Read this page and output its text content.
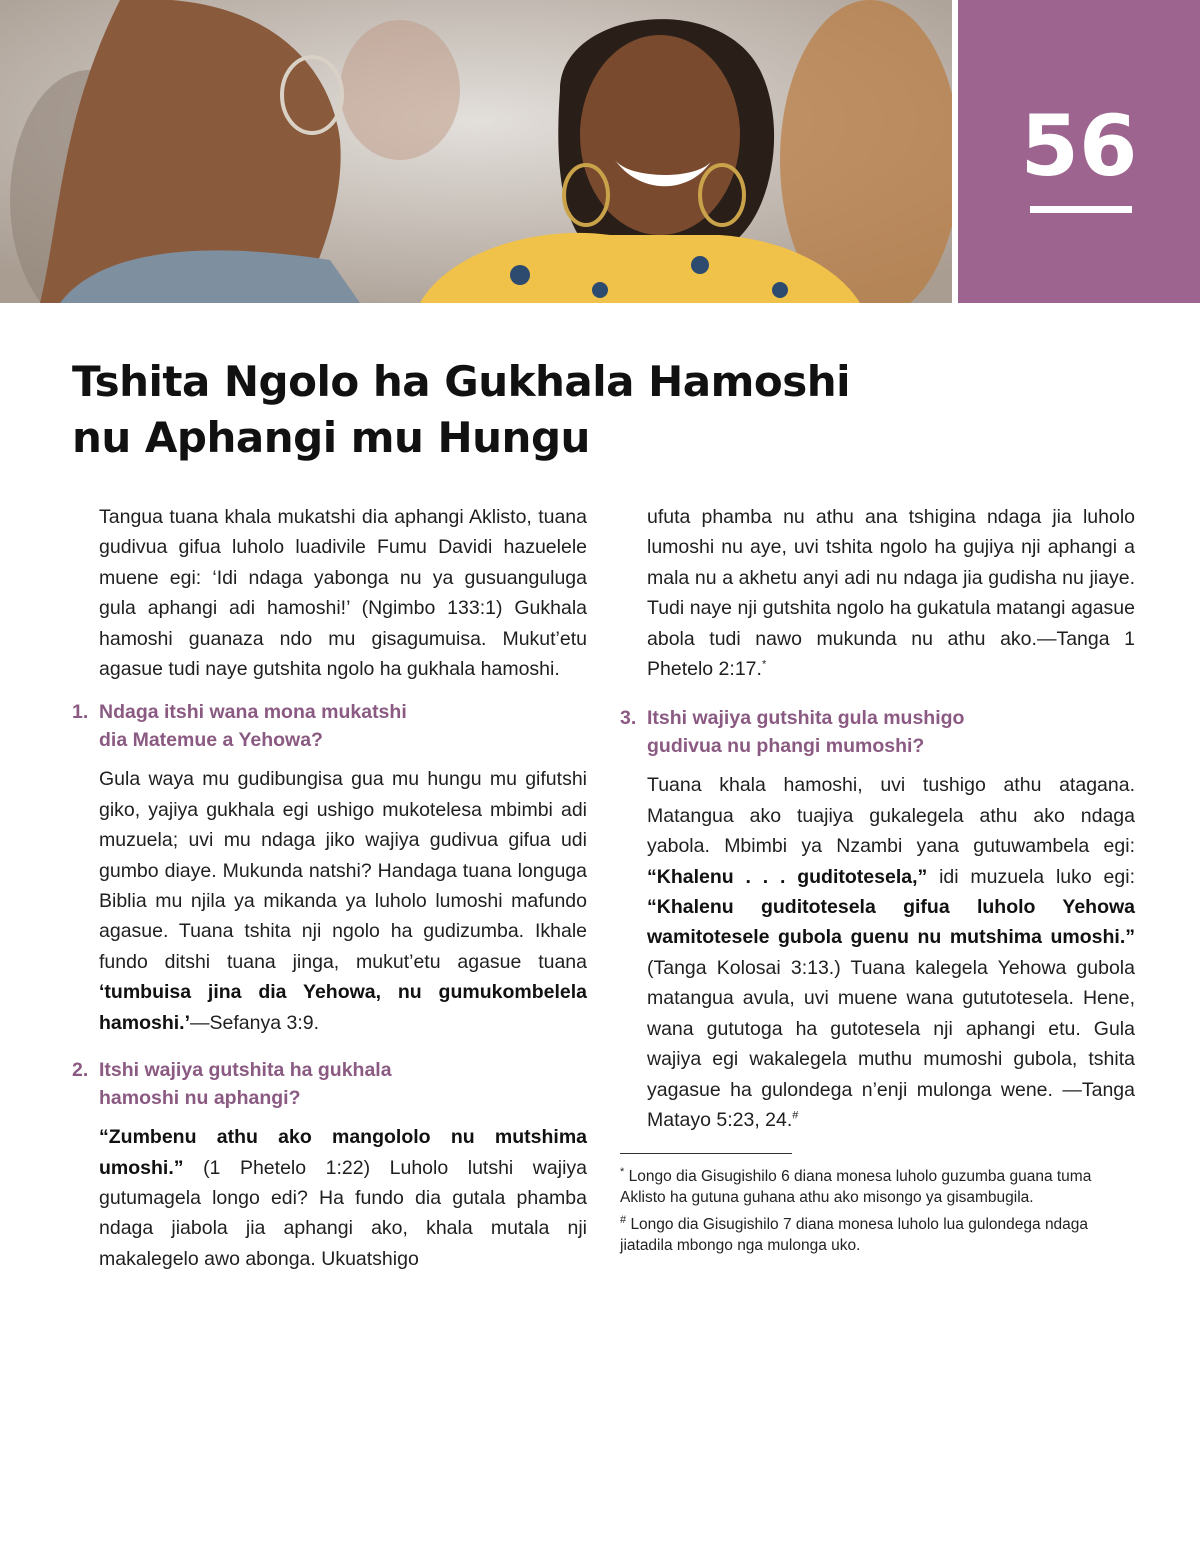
56
Tshita Ngolo ha Gukhala Hamoshi
nu Aphangi mu Hungu

Tangua tuana khala mukatshi dia aphangi Aklisto, tuana gudivua gifua luholo luadivile Fumu Davidi hazuelele muene egi: ‘Idi ndaga yabonga nu ya gusuanguluga gula aphangi adi hamoshi!’ (Ngimbo 133:1) Gukhala hamoshi guanaza ndo mu gisagumuisa. Mukut’etu agasue tudi naye gutshita ngolo ha gukhala hamoshi.

1. Ndaga itshi wana mona mukatshi
dia Matemue a Yehowa?

Gula waya mu gudibungisa gua mu hungu mu gifutshi giko, yajiya gukhala egi ushigo mukotelesa mbimbi adi muzuela; uvi mu ndaga jiko wajiya gudivua gifua udi gumbo diaye. Mukunda natshi? Handaga tuana longuga Biblia mu njila ya mikanda ya luholo lumoshi mafundo agasue. Tuana tshita nji ngolo ha gudizumba. Ikhale fundo ditshi tuana jinga, mukut’etu agasue tuana ‘tumbuisa jina dia Yehowa, nu gumukombelela hamoshi.’—Sefanya 3:9.

2. Itshi wajiya gutshita ha gukhala
hamoshi nu aphangi?

“Zumbenu athu ako mangololo nu mutshima umoshi.” (1 Phetelo 1:22) Luholo lutshi wajiya gutumagela longo edi? Ha fundo dia gutala phamba ndaga jiabola jia aphangi ako, khala mutala nji makalegelo awo abonga. Ukuatshigo

ufuta phamba nu athu ana tshigina ndaga jia luholo lumoshi nu aye, uvi tshita ngolo ha gujiya nji aphangi a mala nu a akhetu anyi adi nu ndaga jia gudisha nu jiaye. Tudi naye nji gutshita ngolo ha gukatula matangi agasue abola tudi nawo mukunda nu athu ako.—Tanga 1 Phetelo 2:17.*

3. Itshi wajiya gutshita gula mushigo
gudivua nu phangi mumoshi?

Tuana khala hamoshi, uvi tushigo athu atagana. Matangua ako tuajiya gukalegela athu ako ndaga yabola. Mbimbi ya Nzambi yana gutuwambela egi: “Khalenu . . . guditotesela,” idi muzuela luko egi: “Khalenu guditotesela gifua luholo Yehowa wamitotesele gubola guenu nu mutshima umoshi.” (Tanga Kolosai 3:13.) Tuana kalegela Yehowa gubola matangua avula, uvi muene wana gututotesela. Hene, wana gututoga ha gutotesela nji aphangi etu. Gula wajiya egi wakalegela muthu mumoshi gubola, tshita yagasue ha gulondega n’enji mulonga wene. —Tanga Matayo 5:23, 24.#

* Longo dia Gisugishilo 6 diana monesa luholo guzumba guana tuma Aklisto ha gutuna guhana athu ako misongo ya gisambugila.

# Longo dia Gisugishilo 7 diana monesa luholo lua gulondega ndaga jiatadila mbongo nga mulonga uko.
